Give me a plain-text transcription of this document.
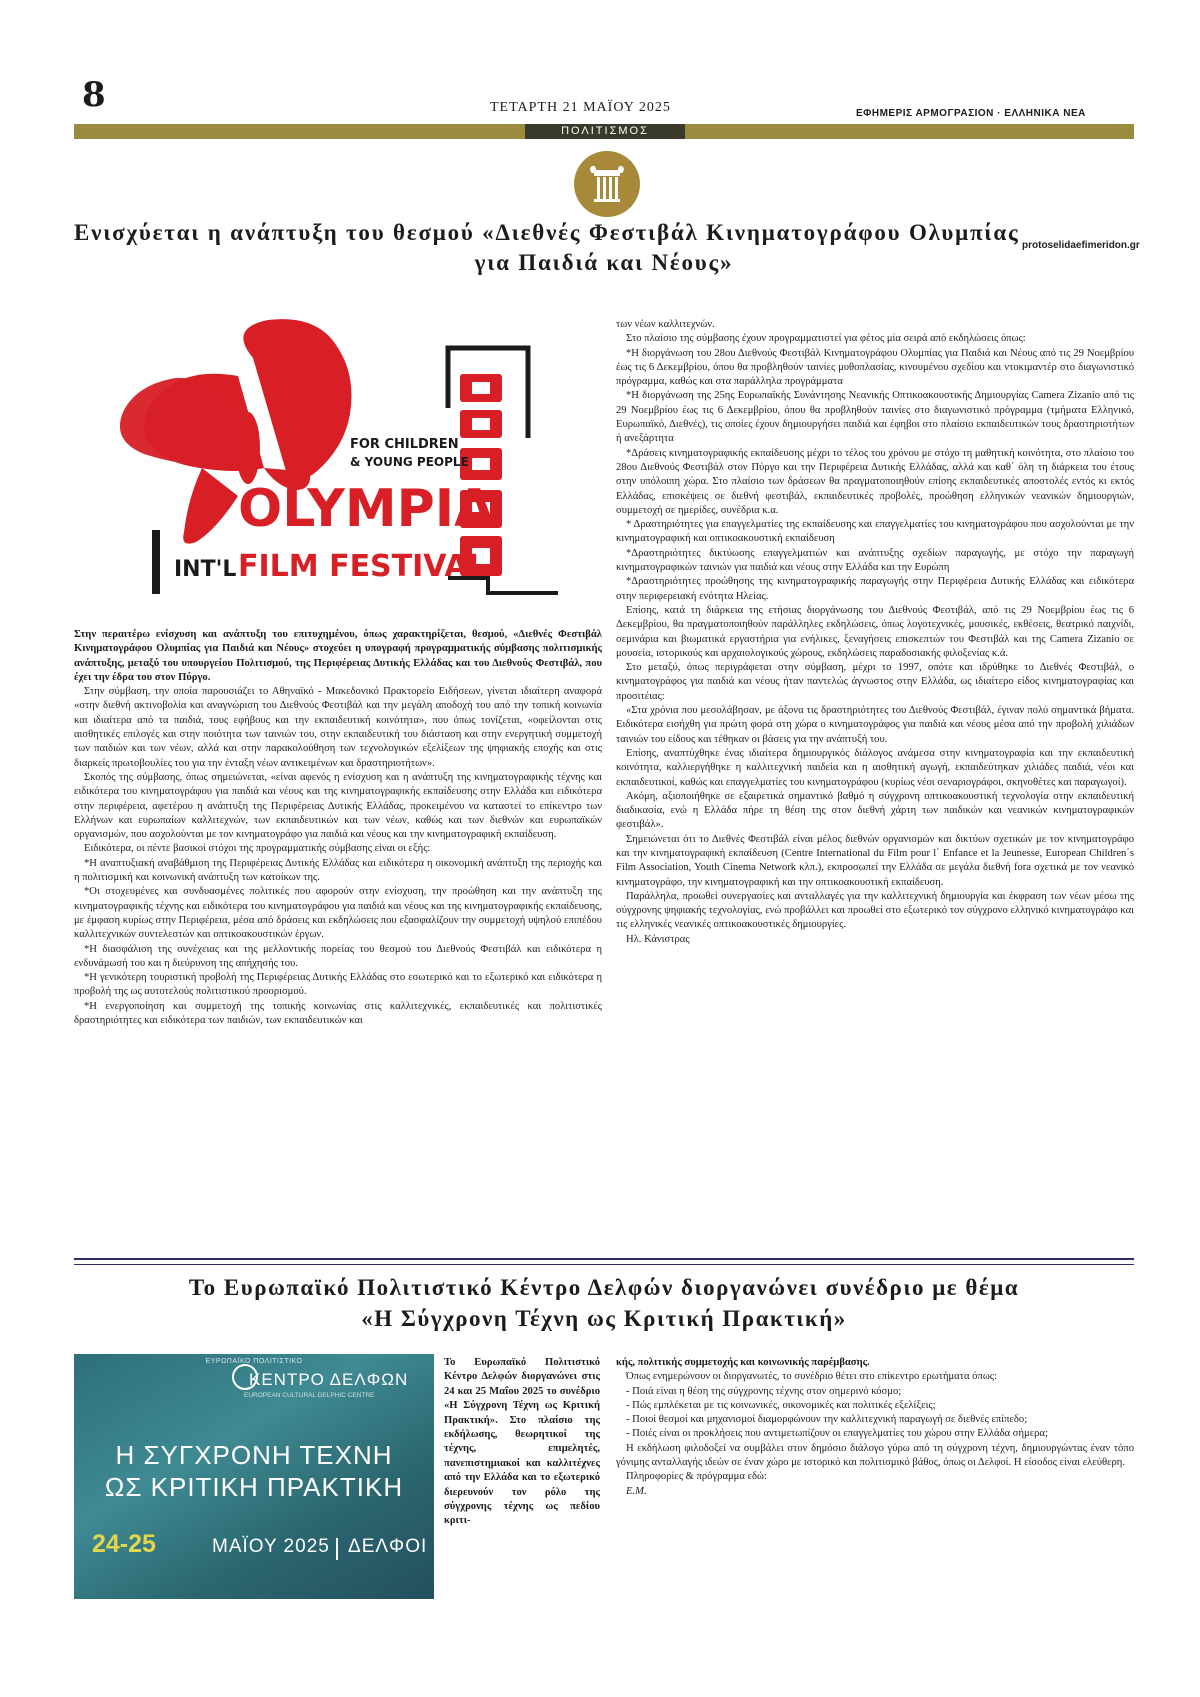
8	ΤΕΤΑΡΤΗ 21 ΜΑΪΟΥ 2025	ΕΦΗΜΕΡΙΣ ΑΡΜΟΓΡΑΣΙΟΝ · ΕΛΛΗΝΙΚΑ ΝΕΑ
ΠΟΛΙΤΙΣΜΟΣ
Ενισχύεται η ανάπτυξη του θεσμού «Διεθνές Φεστιβάλ Κινηματογράφου Ολυμπίας
protoselidaefimeridon.gr
για Παιδιά και Νέους»
FOR CHILDREN
& YOUNG PEOPLE
OLYMPIA
INT'L FILM FESTIVAL

Στην περαιτέρω ενίσχυση και ανάπτυξη του επιτυχημένου, όπως χαρακτηρίζεται, θεσμού, «Διεθνές Φεστιβάλ Κινηματογράφου Ολυμπίας για Παιδιά και Νέους» στοχεύει η υπογραφή προγραμματικής σύμβασης πολιτισμικής ανάπτυξης, μεταξύ του υπουργείου Πολιτισμού, της Περιφέρειας Δυτικής Ελλάδας και του Διεθνούς Φεστιβάλ, που έχει την έδρα του στον Πύργο.

Στην σύμβαση, την οποία παρουσιάζει το Αθηναϊκό - Μακεδονικό Πρακτορείο Ειδήσεων, γίνεται ιδιαίτερη αναφορά «στην διεθνή ακτινοβολία και αναγνώριση του Διεθνούς Φεστιβάλ και την μεγάλη αποδοχή του από την τοπική κοινωνία και ιδιαίτερα από τα παιδιά, τους εφήβους και την εκπαιδευτική κοινότητα», που όπως τονίζεται, «οφείλονται στις αισθητικές επιλογές και στην ποιότητα των ταινιών του, στην εκπαιδευτική του διάσταση και στην ενεργητική συμμετοχή των παιδιών και των νέων, αλλά και στην παρακολούθηση των τεχνολογικών εξελίξεων της ψηφιακής εποχής και στις διαρκείς πρωτοβουλίες του για την ένταξη νέων αντικειμένων και δραστηριοτήτων».

Σκοπός της σύμβασης, όπως σημειώνεται, «είναι αφενός η ενίσχυση και η ανάπτυξη της κινηματογραφικής τέχνης και ειδικότερα του κινηματογράφου για παιδιά και νέους και της κινηματογραφικής εκπαίδευσης στην Ελλάδα και ειδικότερα στην περιφέρεια, αφετέρου η ανάπτυξη της Περιφέρειας Δυτικής Ελλάδας, προκειμένου να καταστεί το επίκεντρο των Ελλήνων και ευρωπαίων καλλιτεχνών, των εκπαιδευτικών και των νέων, καθώς και των διεθνών και ευρωπαϊκών οργανισμών, που ασχολούνται με τον κινηματογράφο για παιδιά και νέους και την κινηματογραφική εκπαίδευση.

Ειδικότερα, οι πέντε βασικοί στόχοι της προγραμματικής σύμβασης είναι οι εξής:

*Η αναπτυξιακή αναβάθμιση της Περιφέρειας Δυτικής Ελλάδας και ειδικότερα η οικονομική ανάπτυξη της περιοχής και η πολιτισμική και κοινωνική ανάπτυξη των κατοίκων της.

*Οι στοχευμένες και συνδυασμένες πολιτικές που αφορούν στην ενίσχυση, την προώθηση και την ανάπτυξη της κινηματογραφικής τέχνης και ειδικότερα του κινηματογράφου για παιδιά και νέους και της κινηματογραφικής εκπαίδευσης, με έμφαση κυρίως στην Περιφέρεια, μέσα από δράσεις και εκδηλώσεις που εξασφαλίζουν την συμμετοχή υψηλού επιπέδου καλλιτεχνικών συντελεστών και οπτικοακουστικών έργων.

*Η διασφάλιση της συνέχειας και της μελλοντικής πορείας του θεσμού του Διεθνούς Φεστιβάλ και ειδικότερα η ενδυνάμωσή του και η διεύρυνση της απήχησής του.

*Η γενικότερη τουριστική προβολή της Περιφέρειας Δυτικής Ελλάδας στο εσωτερικό και το εξωτερικό και ειδικότερα η προβολή της ως αυτοτελούς πολιτιστικού προορισμού.

*Η ενεργοποίηση και συμμετοχή της τοπικής κοινωνίας στις καλλιτεχνικές, εκπαιδευτικές και πολιτιστικές δραστηριότητες και ειδικότερα των παιδιών, των εκπαιδευτικών και

των νέων καλλιτεχνών.

Στο πλαίσιο της σύμβασης έχουν προγραμματιστεί για φέτος μία σειρά από εκδηλώσεις όπως:

*Η διοργάνωση του 28ου Διεθνούς Φεστιβάλ Κινηματογράφου Ολυμπίας για Παιδιά και Νέους από τις 29 Νοεμβρίου έως τις 6 Δεκεμβρίου, όπου θα προβληθούν ταινίες μυθοπλασίας, κινουμένου σχεδίου και ντοκιμαντέρ στο διαγωνιστικό πρόγραμμα, καθώς και στα παράλληλα προγράμματα

*Η διοργάνωση της 25ης Ευρωπαϊκής Συνάντησης Νεανικής Οπτικοακουστικής Δημιουργίας Camera Zizanio από τις 29 Νοεμβρίου έως τις 6 Δεκεμβρίου, όπου θα προβληθούν ταινίες στο διαγωνιστικό πρόγραμμα (τμήματα Ελληνικό, Ευρωπαϊκό, Διεθνές), τις οποίες έχουν δημιουργήσει παιδιά και έφηβοι στο πλαίσιο εκπαιδευτικών τους δραστηριοτήτων ή ανεξάρτητα

*Δράσεις κινηματογραφικής εκπαίδευσης μέχρι το τέλος του χρόνου με στόχο τη μαθητική κοινότητα, στο πλαίσιο του 28ου Διεθνούς Φεστιβάλ στον Πύργο και την Περιφέρεια Δυτικής Ελλάδας, αλλά και καθ΄ όλη τη διάρκεια του έτους στην υπόλοιπη χώρα. Στο πλαίσιο των δράσεων θα πραγματοποιηθούν επίσης εκπαιδευτικές αποστολές εντός κι εκτός Ελλάδας, επισκέψεις σε διεθνή φεστιβάλ, εκπαιδευτικές προβολές, προώθηση ελληνικών νεανικών δημιουργιών, συμμετοχή σε ημερίδες, συνέδρια κ.α.

* Δραστηριότητες για επαγγελματίες της εκπαίδευσης και επαγγελματίες του κινηματογράφου που ασχολούνται με την κινηματογραφική και οπτικοακουστική εκπαίδευση

*Δραστηριότητες δικτύωσης επαγγελματιών και ανάπτυξης σχεδίων παραγωγής, με στόχο την παραγωγή κινηματογραφικών ταινιών για παιδιά και νέους στην Ελλάδα και την Ευρώπη

*Δραστηριότητες προώθησης της κινηματογραφικής παραγωγής στην Περιφέρεια Δυτικής Ελλάδας και ειδικότερα στην περιφερειακή ενότητα Ηλείας.

Επίσης, κατά τη διάρκεια της ετήσιας διοργάνωσης του Διεθνούς Φεστιβάλ, από τις 29 Νοεμβρίου έως τις 6 Δεκεμβρίου, θα πραγματοποιηθούν παράλληλες εκδηλώσεις, όπως λογοτεχνικές, μουσικές, εκθέσεις, θεατρικό παιχνίδι, σεμινάρια και βιωματικά εργαστήρια για ενήλικες, ξεναγήσεις επισκεπτών του Φεστιβάλ και της Camera Zizanio σε μουσεία, ιστορικούς και αρχαιολογικούς χώρους, εκδηλώσεις παραδοσιακής φιλοξενίας κ.ά.

Στο μεταξύ, όπως περιγράφεται στην σύμβαση, μέχρι το 1997, οπότε και ιδρύθηκε το Διεθνές Φεστιβάλ, ο κινηματογράφος για παιδιά και νέους ήταν παντελώς άγνωστος στην Ελλάδα, ως ιδιαίτερο είδος κινηματογραφίας και προσιτέιας:

«Στα χρόνια που μεσολάβησαν, με άξονα τις δραστηριότητες του Διεθνούς Φεστιβάλ, έγιναν πολύ σημαντικά βήματα. Ειδικότερα εισήχθη για πρώτη φορά στη χώρα ο κινηματογράφος για παιδιά και νέους μέσα από την προβολή χιλιάδων ταινιών του είδους και τέθηκαν οι βάσεις για την ανάπτυξή του.

Επίσης, αναπτύχθηκε ένας ιδιαίτερα δημιουργικός διάλογος ανάμεσα στην κινηματογραφία και την εκπαιδευτική κοινότητα, καλλιεργήθηκε η καλλιτεχνική παιδεία και η αισθητική αγωγή, εκπαιδεύτηκαν χιλιάδες παιδιά, νέοι και εκπαιδευτικοί, καθώς και επαγγελματίες του κινηματογράφου (κυρίως νέοι σεναριογράφοι, σκηνοθέτες και παραγωγοί).

Ακόμη, αξιοποιήθηκε σε εξαιρετικά σημαντικό βαθμό η σύγχρονη οπτικοακουστική τεχνολογία στην εκπαιδευτική διαδικασία, ενώ η Ελλάδα πήρε τη θέση της στον διεθνή χάρτη των παιδικών και νεανικών κινηματογραφικών φεστιβάλ».

Σημειώνεται ότι το Διεθνές Φεστιβάλ είναι μέλος διεθνών οργανισμών και δικτύων σχετικών με τον κινηματογράφο και την κινηματογραφική εκπαίδευση (Centre International du Film pour l΄ Enfance et la Jeunesse, European Children΄s Film Association, Youth Cinema Network κλπ.), εκπροσωπεί την Ελλάδα σε μεγάλα διεθνή fora σχετικά με τον νεανικό κινηματογράφο, την κινηματογραφική και την οπτικοακουστική εκπαίδευση.

Παράλληλα, προωθεί συνεργασίες και ανταλλαγές για την καλλιτεχνική δημιουργία και έκφραση των νέων μέσω της σύγχρονης ψηφιακής τεχνολογίας, ενώ προβάλλει και προωθεί στο εξωτερικό τον σύγχρονο ελληνικό κινηματογράφο και τις ελληνικές νεανικές οπτικοακουστικές δημιουργίες.

Ηλ. Κάνιστρας

Το Ευρωπαϊκό Πολιτιστικό Κέντρο Δελφών διοργανώνει συνέδριο με θέμα
«Η Σύγχρονη Τέχνη ως Κριτική Πρακτική»
ΕΥΡΩΠΑΪΚΟ ΠΟΛΙΤΙΣΤΙΚΟ
ΚΕΝΤΡΟ ΔΕΛΦΩΝ
EUROPEAN CULTURAL DELPHIC CENTRE
Η ΣΥΓΧΡΟΝΗ ΤΕΧΝΗ
ΩΣ ΚΡΙΤΙΚΗ ΠΡΑΚΤΙΚΗ
24-25	ΜΑΪΟΥ 2025 ΔΕΛΦΟΙ
Το Ευρωπαϊκό Πολιτιστικό Κέντρο Δελφών διοργανώνει στις 24 και 25 Μαΐου 2025 το συνέδριο «Η Σύγχρονη Τέχνη ως Κριτική Πρακτική». Στο πλαίσιο της εκδήλωσης, θεωρητικοί της τέχνης, επιμελητές, πανεπιστημιακοί και καλλιτέχνες από την Ελλάδα και το εξωτερικό διερευνούν τον ρόλο της σύγχρονης τέχνης ως πεδίου κριτι-

κής, πολιτικής συμμετοχής και κοινωνικής παρέμβασης.

Όπως ενημερώνουν οι διοργανωτές, το συνέδριο θέτει στο επίκεντρο ερωτήματα όπως:

- Ποιά είναι η θέση της σύγχρονης τέχνης στον σημερινό κόσμο;

- Πώς εμπλέκεται με τις κοινωνικές, οικονομικές και πολιτικές εξελίξεις;

- Ποιοί θεσμοί και μηχανισμοί διαμορφώνουν την καλλιτεχνική παραγωγή σε διεθνές επίπεδο;

- Ποιές είναι οι προκλήσεις που αντιμετωπίζουν οι επαγγελματίες του χώρου στην Ελλάδα σήμερα;

Η εκδήλωση φιλοδοξεί να συμβάλει στον δημόσιο διάλογο γύρω από τη σύγχρονη τέχνη, δημιουργώντας έναν τόπο γόνιμης ανταλλαγής ιδεών σε έναν χώρο με ιστορικό και πολιτισμικό βάθος, όπως οι Δελφοί. Η είσοδος είναι ελεύθερη.

Πληροφορίες & πρόγραμμα εδώ:

Ε.Μ.
